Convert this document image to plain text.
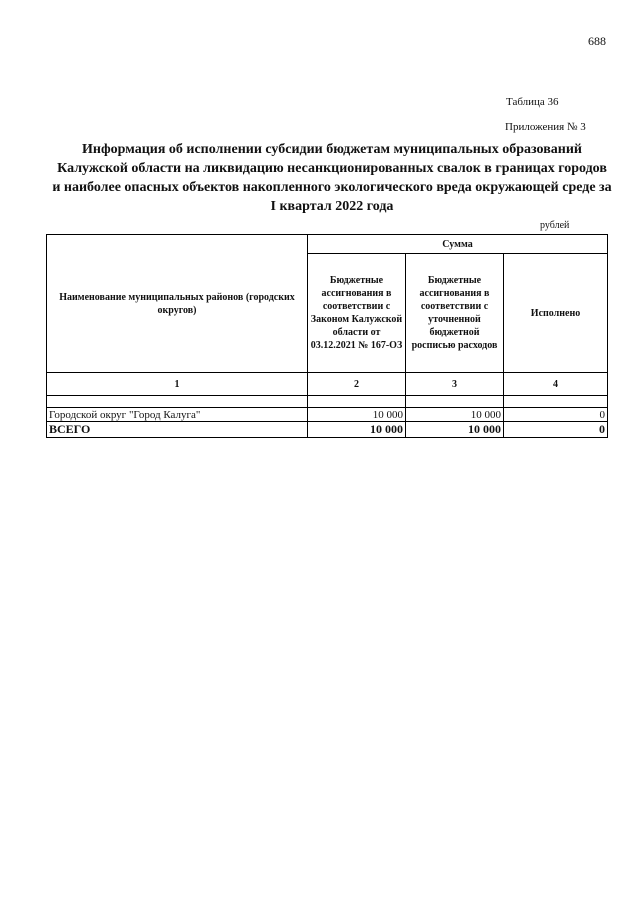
688
Таблица 36
Приложения № 3
Информация об исполнении субсидии бюджетам муниципальных образований Калужской области на ликвидацию несанкционированных свалок в границах городов и наиболее опасных объектов накопленного экологического вреда окружающей среде за I квартал 2022 года
рублей
Наименование муниципальных районов (городских округов)	Сумма		
	Бюджетные ассигнования в соответствии с Законом Калужской области от 03.12.2021 № 167-ОЗ	Бюджетные ассигнования в соответствии с уточненной бюджетной росписью расходов	Исполнено
1	2	3	4

Городской округ "Город Калуга"	10 000	10 000	0
ВСЕГО	10 000	10 000	0
